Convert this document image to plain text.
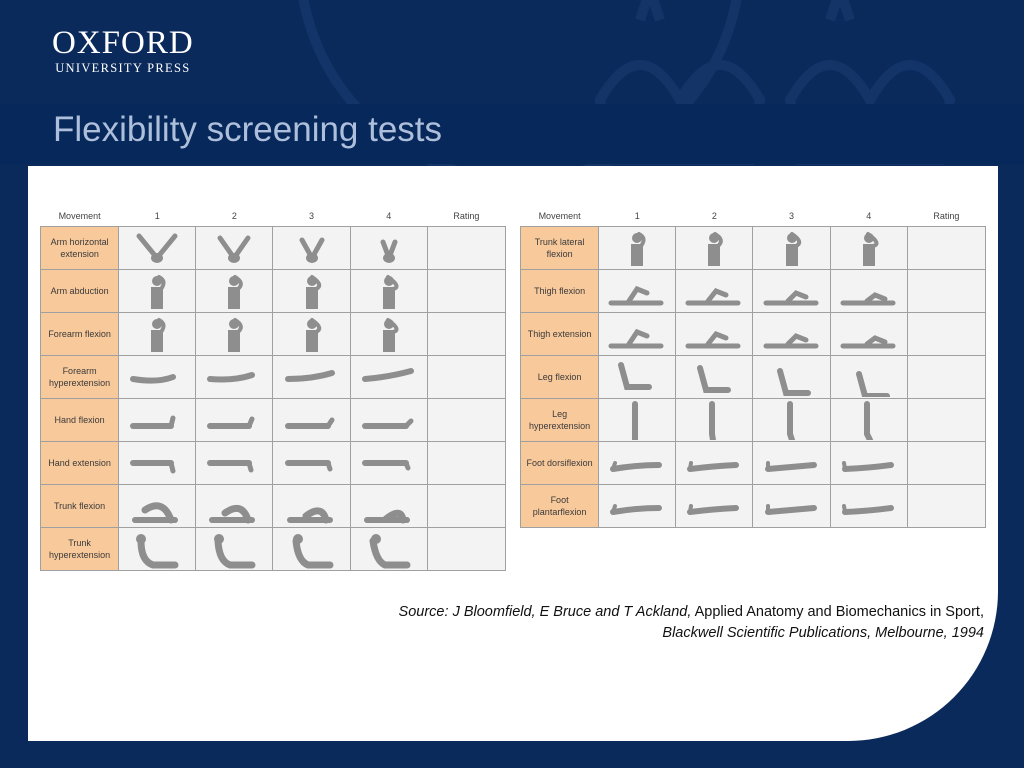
OXFORD
UNIVERSITY PRESS
Flexibility screening tests
Movement	1	2	3	4	Rating
Arm horizontal extension	

Arm abduction	

Forearm flexion	

Forearm hyperextension	

Hand flexion	

Hand extension	

Trunk flexion	

Trunk hyperextension	

Movement	1	2	3	4	Rating
Trunk lateral flexion	

Thigh flexion	

Thigh extension	

Leg flexion	

Leg hyperextension	

Foot dorsiflexion	

Foot plantarflexion	

Source: J Bloomfield, E Bruce and T Ackland, Applied Anatomy and Biomechanics in Sport,
Blackwell Scientific Publications, Melbourne, 1994
